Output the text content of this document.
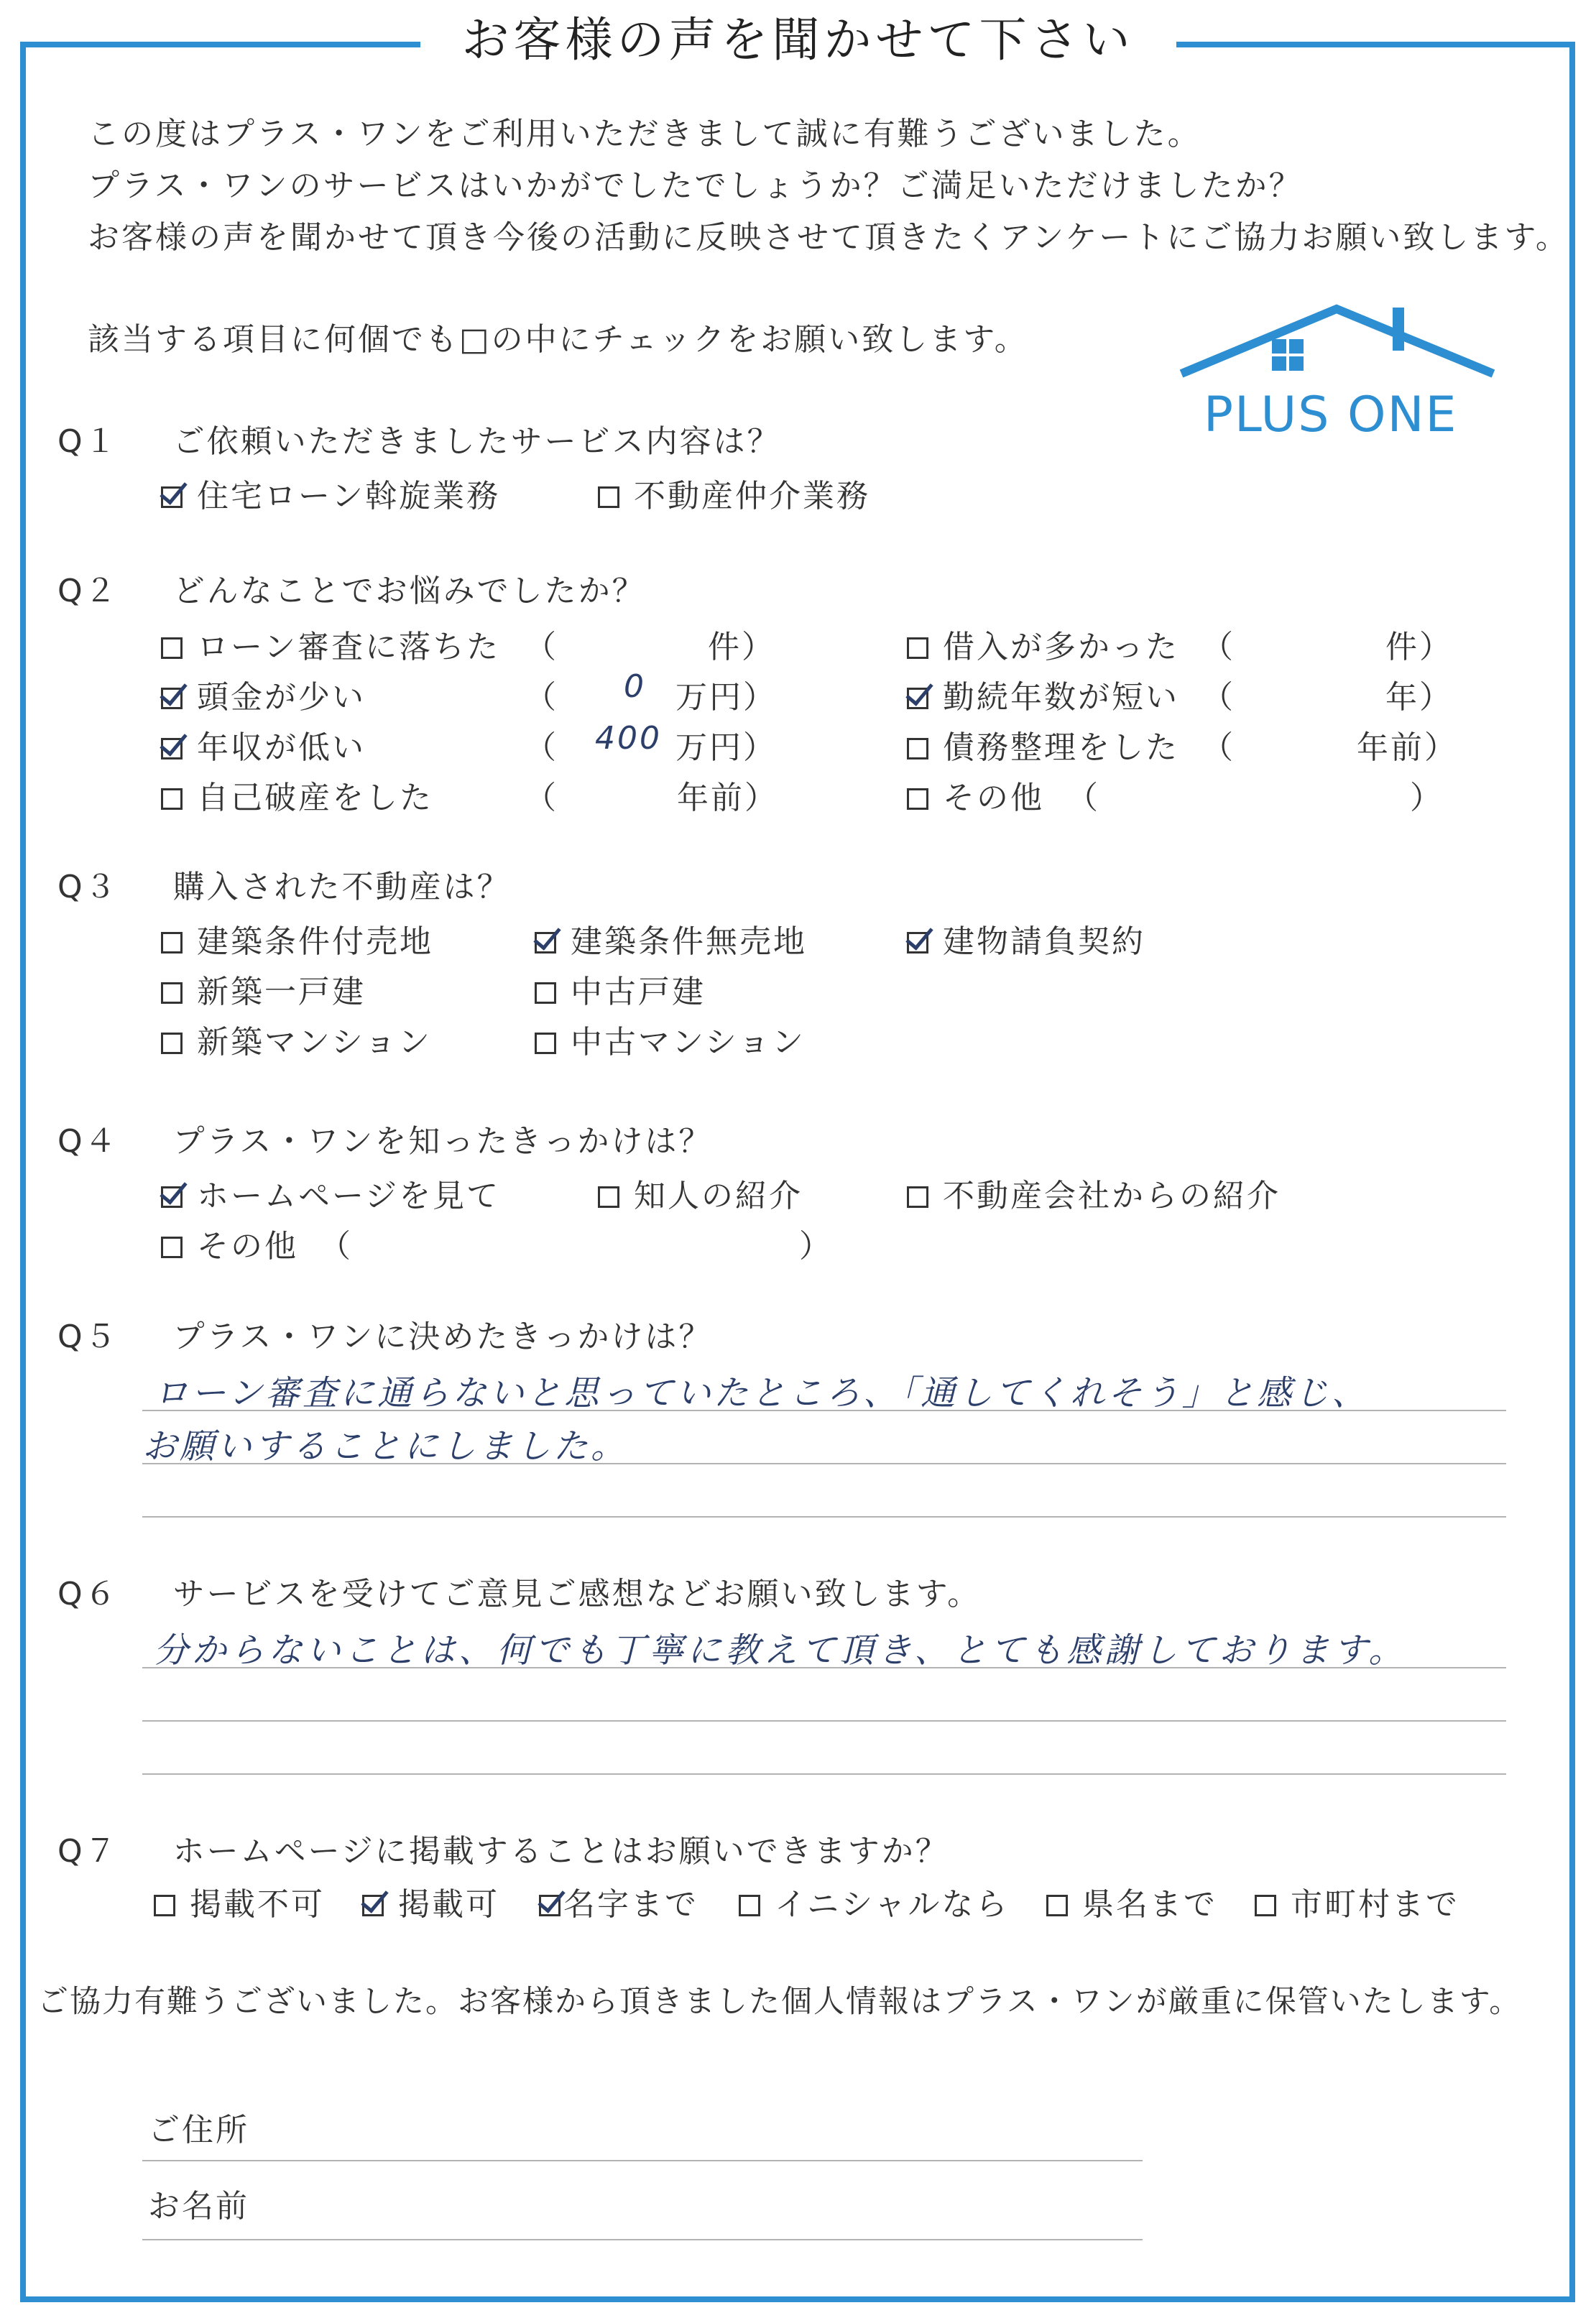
お客様の声を聞かせて下さい
この度はプラス・ワンをご利用いただきまして誠に有難うございました。
プラス・ワンのサービスはいかがでしたでしょうか？ご満足いただけましたか？
お客様の声を聞かせて頂き今後の活動に反映させて頂きたくアンケートにご協力お願い致します。
該当する項目に何個でも□の中にチェックをお願い致します。
PLUS ONE
Q１ ご依頼いただきましたサービス内容は？
住宅ローン斡旋業務	不動産仲介業務
Q２ どんなことでお悩みでしたか？
ローン審査に落ちた （	件）
頭金が少い	（ 0 万円）
年収が低い	（ 400 万円）
自己破産をした	（	年前）
借入が多かった （	件）
勤続年数が短い （	年）
債務整理をした （	年前）
その他 （	）
Q３ 購入された不動産は？
建築条件付売地	建築条件無売地	建物請負契約
新築一戸建	中古戸建
新築マンション	中古マンション
Q４ プラス・ワンを知ったきっかけは？
ホームページを見て	知人の紹介	不動産会社からの紹介
その他 （	）
Q５ プラス・ワンに決めたきっかけは？
ローン審査に通らないと思っていたところ、「通してくれそう」と感じ、
お願いすることにしました。
Q６ サービスを受けてご意見ご感想などお願い致します。
分からないことは、何でも丁寧に教えて頂き、とても感謝しております。
Q７ ホームページに掲載することはお願いできますか？
掲載不可	掲載可	名字まで	イニシャルなら	県名まで	市町村まで
ご協力有難うございました。お客様から頂きました個人情報はプラス・ワンが厳重に保管いたします。
ご住所
お名前
